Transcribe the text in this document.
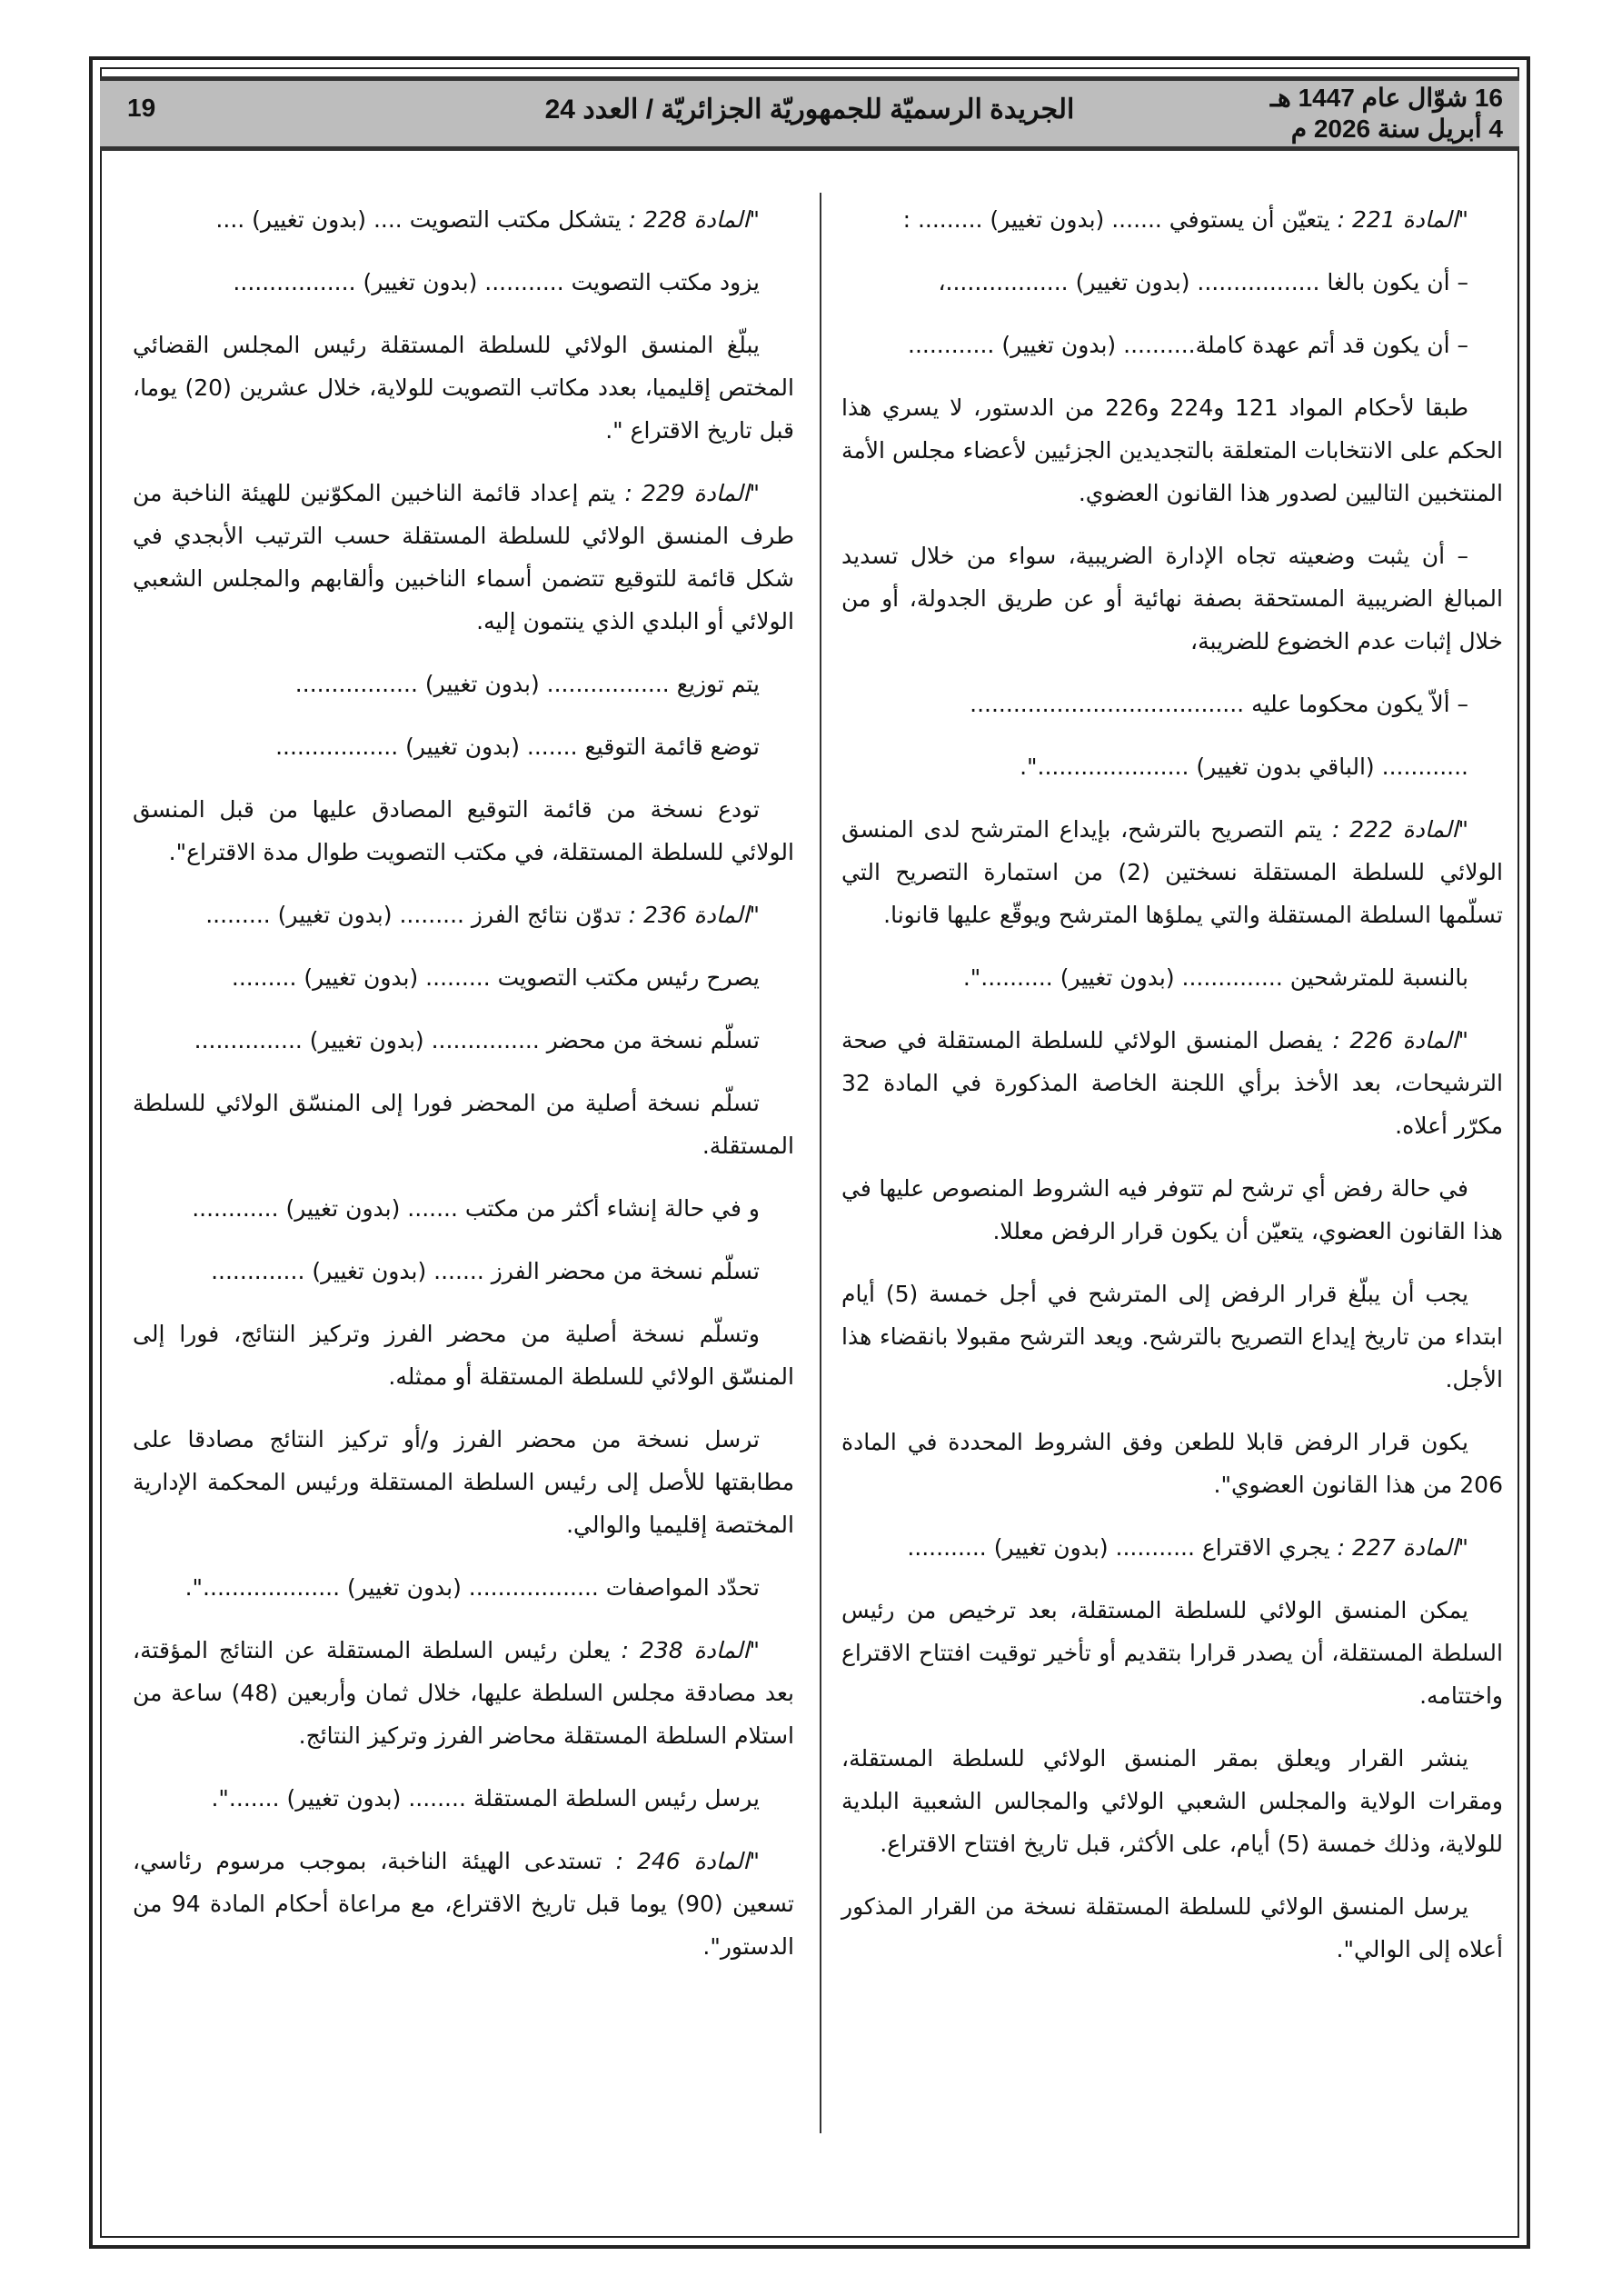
16 شوّال عام 1447 هـ
4 أبريل سنة 2026 م
الجريدة الرسميّة للجمهوريّة الجزائريّة / العدد 24
19

"المادة 221 : يتعيّن أن يستوفي ....... (بدون تغيير) ......... :

– أن يكون بالغا ................. (بدون تغيير) .................،

– أن يكون قد أتم عهدة كاملة.......... (بدون تغيير) ............

طبقا لأحكام المواد 121 و224 و226 من الدستور، لا يسري هذا الحكم على الانتخابات المتعلقة بالتجديدين الجزئيين لأعضاء مجلس الأمة المنتخبين التاليين لصدور هذا القانون العضوي.

– أن يثبت وضعيته تجاه الإدارة الضريبية، سواء من خلال تسديد المبالغ الضريبية المستحقة بصفة نهائية أو عن طريق الجدولة، أو من خلال إثبات عدم الخضوع للضريبة،

– ألاّ يكون محكوما عليه ......................................

............ (الباقي بدون تغيير) .....................".

"المادة 222 : يتم التصريح بالترشح، بإيداع المترشح لدى المنسق الولائي للسلطة المستقلة نسختين (2) من استمارة التصريح التي تسلّمها السلطة المستقلة والتي يملؤها المترشح ويوقّع عليها قانونا.

بالنسبة للمترشحين .............. (بدون تغيير) ..........".

"المادة 226 : يفصل المنسق الولائي للسلطة المستقلة في صحة الترشيحات، بعد الأخذ برأي اللجنة الخاصة المذكورة في المادة 32 مكرّر أعلاه.

في حالة رفض أي ترشح لم تتوفر فيه الشروط المنصوص عليها في هذا القانون العضوي، يتعيّن أن يكون قرار الرفض معللا.

يجب أن يبلّغ قرار الرفض إلى المترشح في أجل خمسة (5) أيام ابتداء من تاريخ إيداع التصريح بالترشح. ويعد الترشح مقبولا بانقضاء هذا الأجل.

يكون قرار الرفض قابلا للطعن وفق الشروط المحددة في المادة 206 من هذا القانون العضوي".

"المادة 227 : يجري الاقتراع ........... (بدون تغيير) ...........

يمكن المنسق الولائي للسلطة المستقلة، بعد ترخيص من رئيس السلطة المستقلة، أن يصدر قرارا بتقديم أو تأخير توقيت افتتاح الاقتراع واختتامه.

ينشر القرار ويعلق بمقر المنسق الولائي للسلطة المستقلة، ومقرات الولاية والمجلس الشعبي الولائي والمجالس الشعبية البلدية للولاية، وذلك خمسة (5) أيام، على الأكثر، قبل تاريخ افتتاح الاقتراع.

يرسل المنسق الولائي للسلطة المستقلة نسخة من القرار المذكور أعلاه إلى الوالي".

"المادة 228 : يتشكل مكتب التصويت .... (بدون تغيير) ....

يزود مكتب التصويت ........... (بدون تغيير) .................

يبلّغ المنسق الولائي للسلطة المستقلة رئيس المجلس القضائي المختص إقليميا، بعدد مكاتب التصويت للولاية، خلال عشرين (20) يوما، قبل تاريخ الاقتراع ".

"المادة 229 : يتم إعداد قائمة الناخبين المكوّنين للهيئة الناخبة من طرف المنسق الولائي للسلطة المستقلة حسب الترتيب الأبجدي في شكل قائمة للتوقيع تتضمن أسماء الناخبين وألقابهم والمجلس الشعبي الولائي أو البلدي الذي ينتمون إليه.

يتم توزيع ................. (بدون تغيير) .................

توضع قائمة التوقيع ....... (بدون تغيير) .................

تودع نسخة من قائمة التوقيع المصادق عليها من قبل المنسق الولائي للسلطة المستقلة، في مكتب التصويت طوال مدة الاقتراع".

"المادة 236 : تدوّن نتائج الفرز ......... (بدون تغيير) .........

يصرح رئيس مكتب التصويت ......... (بدون تغيير) .........

تسلّم نسخة من محضر ............... (بدون تغيير) ...............

تسلّم نسخة أصلية من المحضر فورا إلى المنسّق الولائي للسلطة المستقلة.

و في حالة إنشاء أكثر من مكتب ....... (بدون تغيير) ............

تسلّم نسخة من محضر الفرز ....... (بدون تغيير) .............

وتسلّم نسخة أصلية من محضر الفرز وتركيز النتائج، فورا إلى المنسّق الولائي للسلطة المستقلة أو ممثله.

ترسل نسخة من محضر الفرز و/أو تركيز النتائج مصادقا على مطابقتها للأصل إلى رئيس السلطة المستقلة ورئيس المحكمة الإدارية المختصة إقليميا والوالي.

تحدّد المواصفات .................. (بدون تغيير) ...................".

"المادة 238 : يعلن رئيس السلطة المستقلة عن النتائج المؤقتة، بعد مصادقة مجلس السلطة عليها، خلال ثمان وأربعين (48) ساعة من استلام السلطة المستقلة محاضر الفرز وتركيز النتائج.

يرسل رئيس السلطة المستقلة ........ (بدون تغيير) .......".

"المادة 246 : تستدعى الهيئة الناخبة، بموجب مرسوم رئاسي، تسعين (90) يوما قبل تاريخ الاقتراع، مع مراعاة أحكام المادة 94 من الدستور".
